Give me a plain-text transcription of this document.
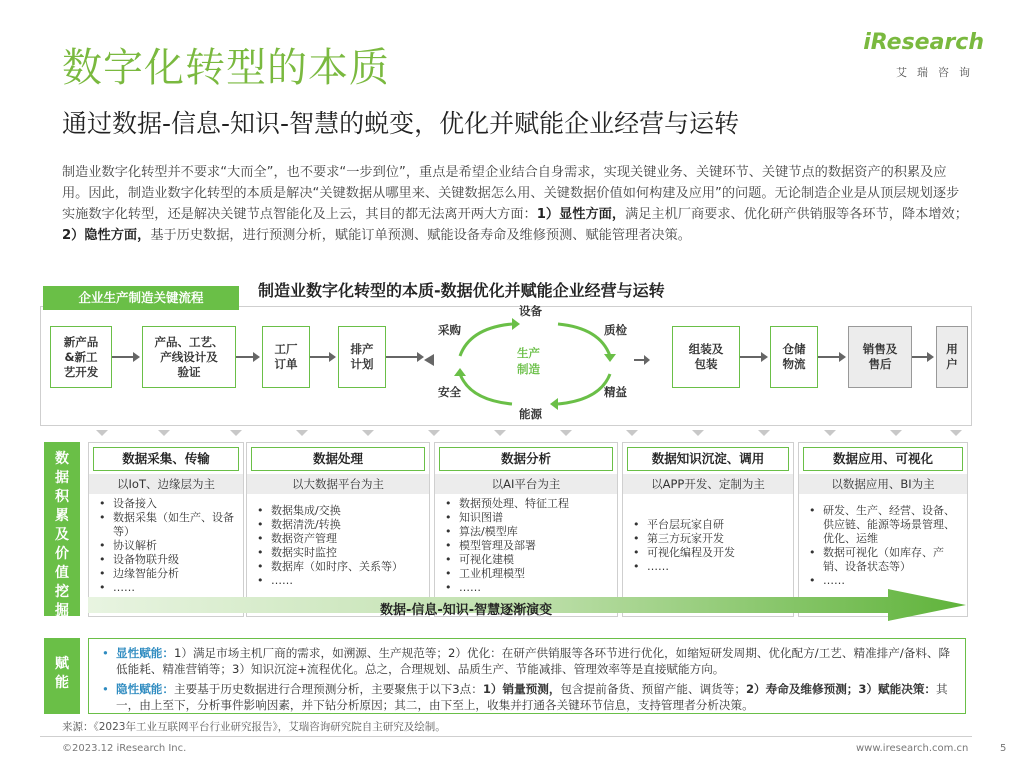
数字化转型的本质
通过数据-信息-知识-智慧的蜕变，优化并赋能企业经营与运转
iResearch
艾瑞咨询
制造业数字化转型并不要求“大而全”，也不要求“一步到位”，重点是希望企业结合自身需求，实现关键业务、关键环节、关键节点的数据资产的积累及应用。因此，制造业数字化转型的本质是解决“关键数据从哪里来、关键数据怎么用、关键数据价值如何构建及应用”的问题。无论制造企业是从顶层规划逐步实施数字化转型，还是解决关键节点智能化及上云，其目的都无法离开两大方面：1）显性方面，满足主机厂商要求、优化研产供销服等各环节，降本增效；2）隐性方面，基于历史数据，进行预测分析，赋能订单预测、赋能设备寿命及维修预测、赋能管理者决策。
企业生产制造关键流程	制造业数字化转型的本质-数据优化并赋能企业经营与运转
新产品
&新工
艺开发
产品、工艺、
产线设计及
验证
工厂
订单
排产
计划
设备
采购	质检
生产
制造
安全	精益
能源
组装及
包装
仓储
物流
销售及
售后
用
户
数
据
积
累
及
价
值
挖
掘
数据采集、传输
以IoT、边缘层为主
• 设备接入
• 数据采集（如生产、设备等）
• 协议解析
• 设备物联升级
• 边缘智能分析
• ……
数据处理
以大数据平台为主
• 数据集成/交换
• 数据清洗/转换
• 数据资产管理
• 数据实时监控
• 数据库（如时序、关系等）
• ……
数据分析
以AI平台为主
• 数据预处理、特征工程
• 知识图谱
• 算法/模型库
• 模型管理及部署
• 可视化建模
• 工业机理模型
• ……
数据知识沉淀、调用
以APP开发、定制为主
• 平台层玩家自研
• 第三方玩家开发
• 可视化编程及开发
• ……
数据应用、可视化
以数据应用、BI为主
• 研发、生产、经营、设备、供应链、能源等场景管理、优化、运维
• 数据可视化（如库存、产销、设备状态等）
• ……
数据-信息-知识-智慧逐渐演变
赋
能
• 显性赋能：1）满足市场主机厂商的需求，如溯源、生产规范等；2）优化：在研产供销服等各环节进行优化，如缩短研发周期、优化配方/工艺、精准排产/备料、降低能耗、精准营销等；3）知识沉淀+流程优化。总之，合理规划、品质生产、节能减排、管理效率等是直接赋能方向。
• 隐性赋能：主要基于历史数据进行合理预测分析，主要聚焦于以下3点：1）销量预测，包含提前备货、预留产能、调货等；2）寿命及维修预测；3）赋能决策：其一，由上至下，分析事件影响因素，并下钻分析原因；其二，由下至上，收集并打通各关键环节信息，支持管理者分析决策。
来源：《2023年工业互联网平台行业研究报告》，艾瑞咨询研究院自主研究及绘制。
©2023.12 iResearch Inc.	www.iresearch.com.cn	5
